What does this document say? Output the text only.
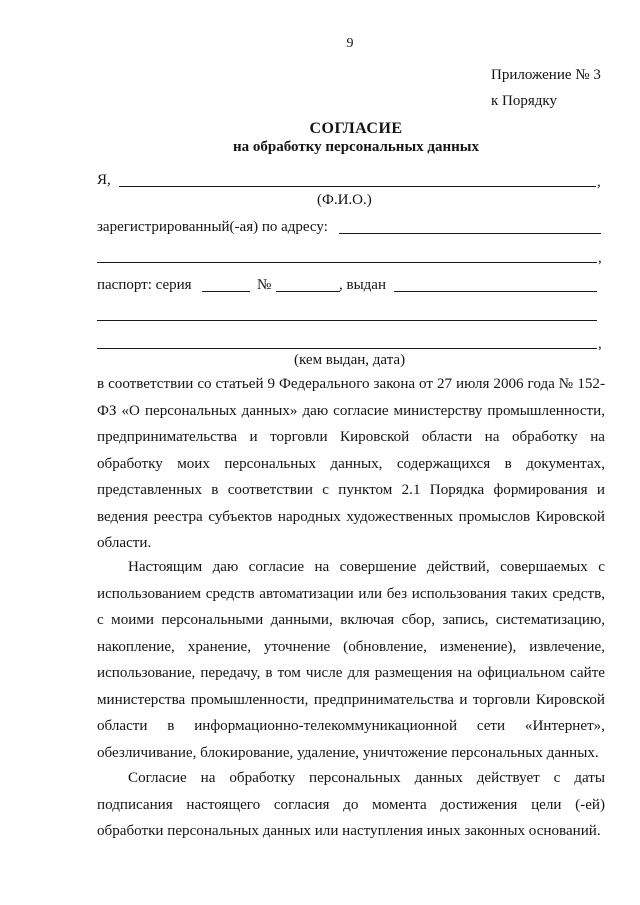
9
Приложение № 3
к Порядку
СОГЛАСИЕ
на обработку персональных данных
Я,	,
(Ф.И.О.)
зарегистрированный(-ая) по адресу:
,
паспорт: серия	№	, выдан
,
(кем выдан, дата)
в соответствии со статьей 9 Федерального закона от 27 июля 2006 года № 152-ФЗ «О персональных данных» даю согласие министерству промышленности, предпринимательства и торговли Кировской области на обработку на обработку моих персональных данных, содержащихся в документах, представленных в соответствии с пунктом 2.1 Порядка формирования и ведения реестра субъектов народных художественных промыслов Кировской области.
Настоящим даю согласие на совершение действий, совершаемых с использованием средств автоматизации или без использования таких средств, с моими персональными данными, включая сбор, запись, систематизацию, накопление, хранение, уточнение (обновление, изменение), извлечение, использование, передачу, в том числе для размещения на официальном сайте министерства промышленности, предпринимательства и торговли Кировской области в информационно-телекоммуникационной сети «Интернет», обезличивание, блокирование, удаление, уничтожение персональных данных.
Согласие на обработку персональных данных действует с даты подписания настоящего согласия до момента достижения цели (-ей) обработки персональных данных или наступления иных законных оснований.
